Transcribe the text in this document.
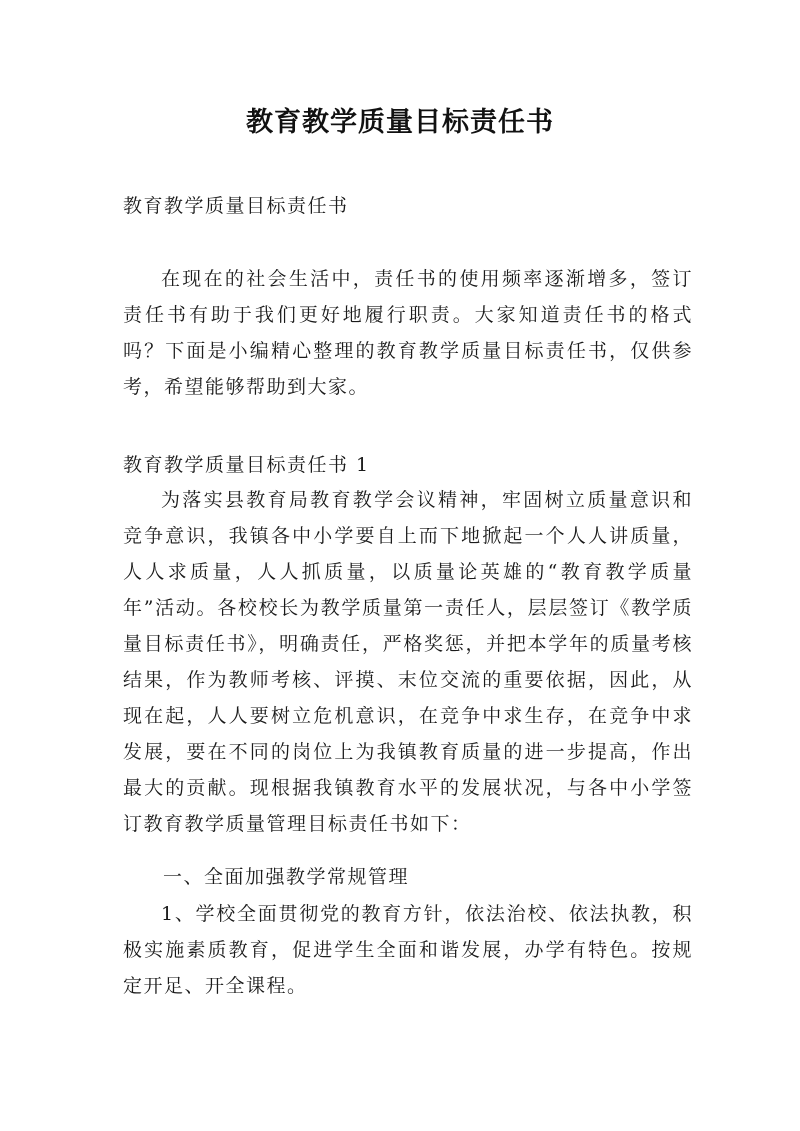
教育教学质量目标责任书
教育教学质量目标责任书

在现在的社会生活中，责任书的使用频率逐渐增多，签订责任书有助于我们更好地履行职责。大家知道责任书的格式吗？下面是小编精心整理的教育教学质量目标责任书，仅供参考，希望能够帮助到大家。

教育教学质量目标责任书 1

为落实县教育局教育教学会议精神，牢固树立质量意识和竞争意识，我镇各中小学要自上而下地掀起一个人人讲质量，人人求质量，人人抓质量，以质量论英雄的“教育教学质量年”活动。各校校长为教学质量第一责任人，层层签订《教学质量目标责任书》，明确责任，严格奖惩，并把本学年的质量考核结果，作为教师考核、评摸、末位交流的重要依据，因此，从现在起，人人要树立危机意识，在竞争中求生存，在竞争中求发展，要在不同的岗位上为我镇教育质量的进一步提高，作出最大的贡献。现根据我镇教育水平的发展状况，与各中小学签订教育教学质量管理目标责任书如下：

一、全面加强教学常规管理

1、学校全面贯彻党的教育方针，依法治校、依法执教，积极实施素质教育，促进学生全面和谐发展，办学有特色。按规定开足、开全课程。
